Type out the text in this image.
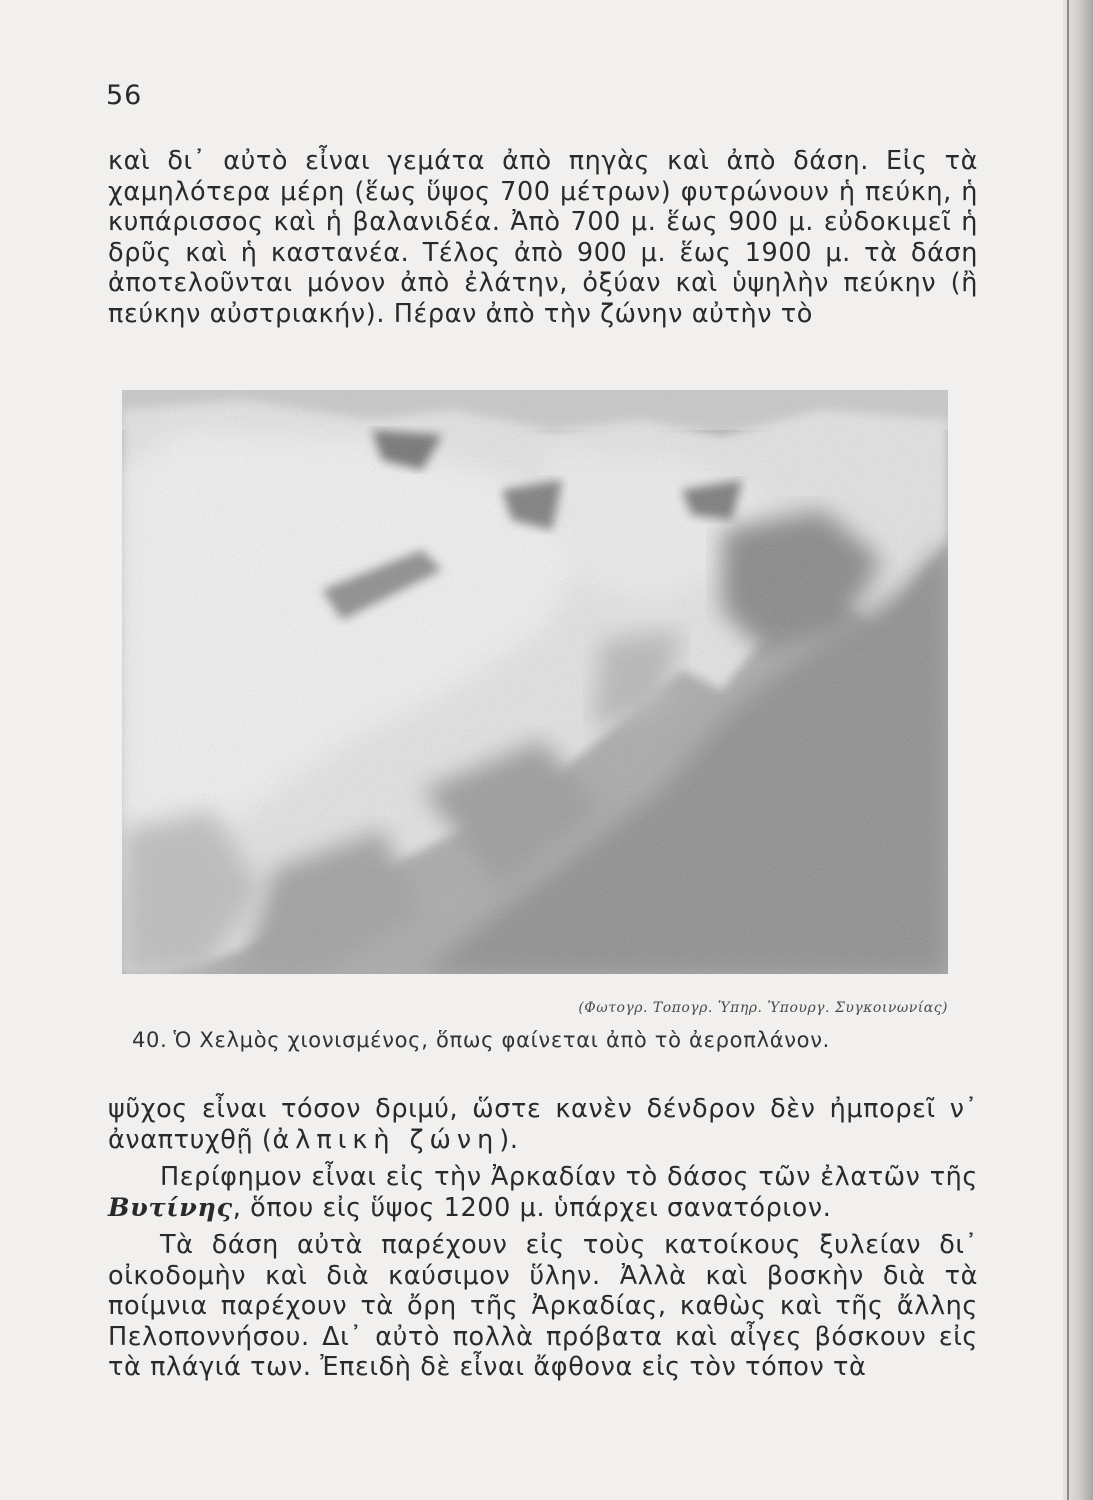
56

καὶ δι᾿ αὐτὸ εἶναι γεμάτα ἀπὸ πηγὰς καὶ ἀπὸ δάση. Εἰς τὰ χαμηλότερα μέρη (ἕως ὕψος 700 μέτρων) φυτρώνουν ἡ πεύκη, ἡ κυπάρισσος καὶ ἡ βαλανιδέα. Ἀπὸ 700 μ. ἕως 900 μ. εὐδοκιμεῖ ἡ δρῦς καὶ ἡ καστανέα. Τέλος ἀπὸ 900 μ. ἕως 1900 μ. τὰ δάση ἀποτελοῦνται μόνον ἀπὸ ἐλάτην, ὀξύαν καὶ ὑψηλὴν πεύκην (ἢ πεύκην αὐστριακήν). Πέραν ἀπὸ τὴν ζώνην αὐτὴν τὸ

(Φωτογρ. Τοπογρ. Ὑπηρ. Ὑπουργ. Συγκοινωνίας)
40. Ὁ Χελμὸς χιονισμένος, ὅπως φαίνεται ἀπὸ τὸ ἀεροπλάνον.

ψῦχος εἶναι τόσον δριμύ, ὥστε κανὲν δένδρον δὲν ἠμπορεῖ ν᾿ ἀναπτυχθῇ (ἀλπικὴ ζώνη).

Περίφημον εἶναι εἰς τὴν Ἀρκαδίαν τὸ δάσος τῶν ἐλατῶν τῆς Βυτίνης, ὅπου εἰς ὕψος 1200 μ. ὑπάρχει σανατόριον.

Τὰ δάση αὐτὰ παρέχουν εἰς τοὺς κατοίκους ξυλείαν δι᾿ οἰκοδομὴν καὶ διὰ καύσιμον ὕλην. Ἀλλὰ καὶ βοσκὴν διὰ τὰ ποίμνια παρέχουν τὰ ὄρη τῆς Ἀρκαδίας, καθὼς καὶ τῆς ἄλλης Πελοποννήσου. Δι᾿ αὐτὸ πολλὰ πρόβατα καὶ αἶγες βόσκουν εἰς τὰ πλάγιά των. Ἐπειδὴ δὲ εἶναι ἄφθονα εἰς τὸν τόπον τὰ
